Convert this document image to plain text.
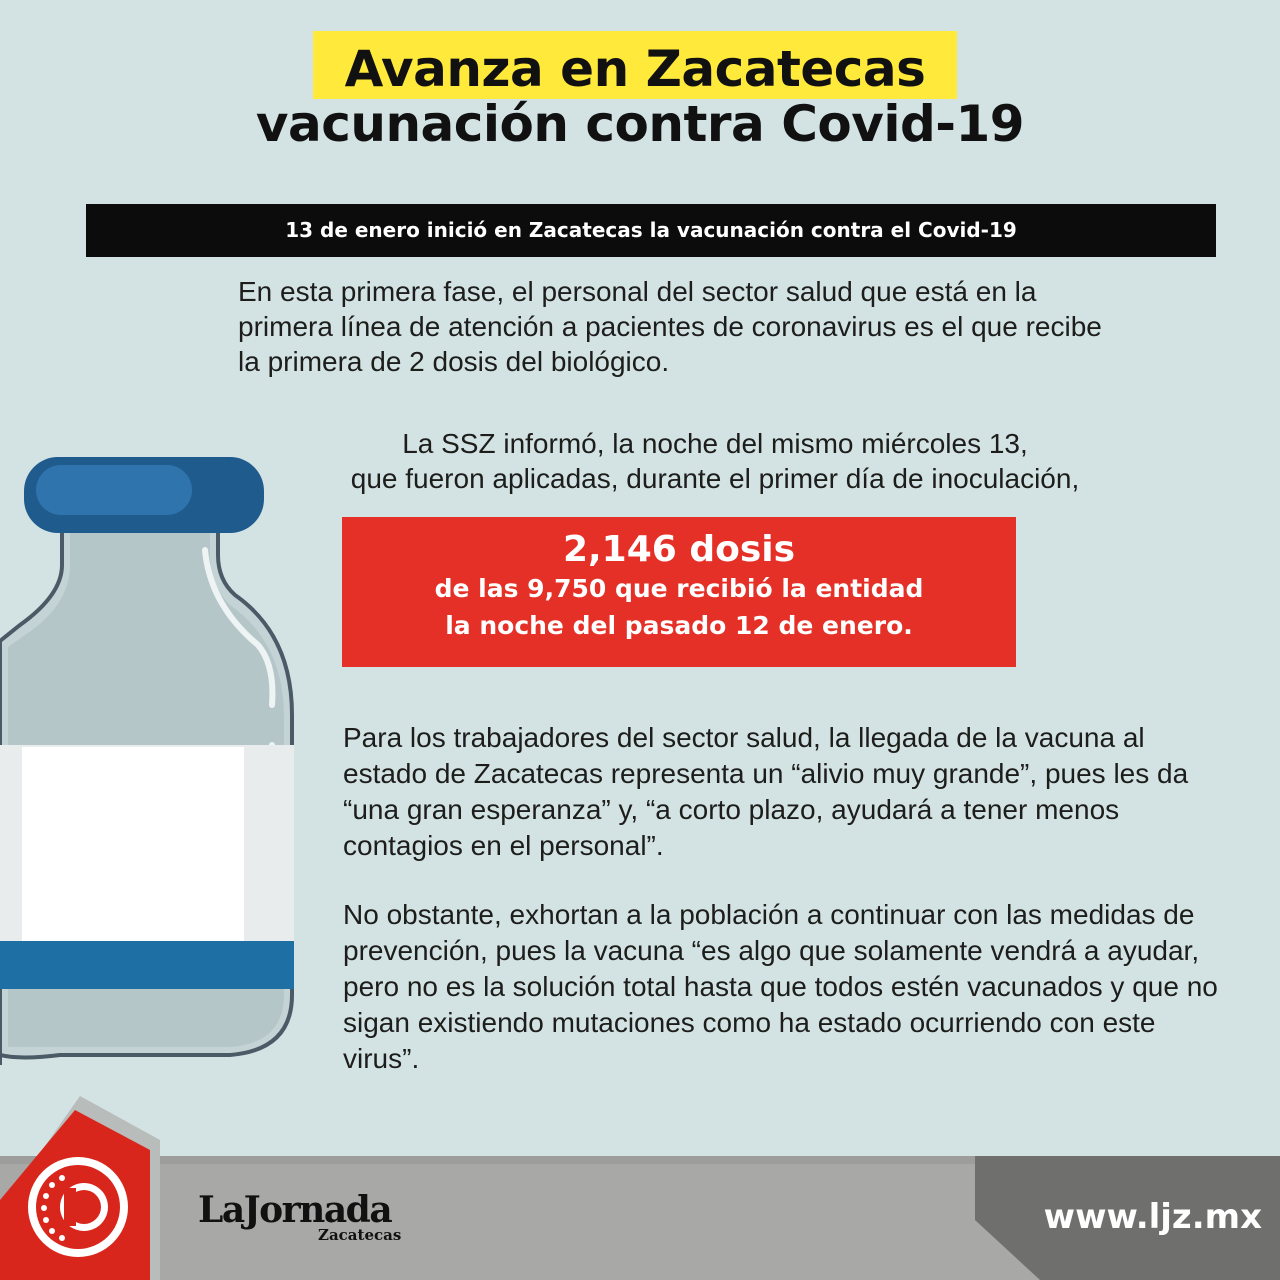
Avanza en Zacatecas
vacunación contra Covid-19
13 de enero inició en Zacatecas la vacunación contra el Covid-19
En esta primera fase, el personal del sector salud que está en la primera línea de atención a pacientes de coronavirus es el que recibe la primera de 2 dosis del biológico.
La SSZ informó, la noche del mismo miércoles 13,
que fueron aplicadas, durante el primer día de inoculación,
2,146 dosis
de las 9,750 que recibió la entidad
la noche del pasado 12 de enero.
Para los trabajadores del sector salud, la llegada de la vacuna al estado de Zacatecas representa un “alivio muy grande”, pues les da “una gran esperanza” y, “a corto plazo, ayudará a tener menos contagios en el personal”.
No obstante, exhortan a la población a continuar con las medidas de prevención, pues la vacuna “es algo que solamente vendrá a ayudar, pero no es la solución total hasta que todos estén vacunados y que no sigan existiendo mutaciones como ha estado ocurriendo con este virus”.
LaJornada
Zacatecas	www.ljz.mx
